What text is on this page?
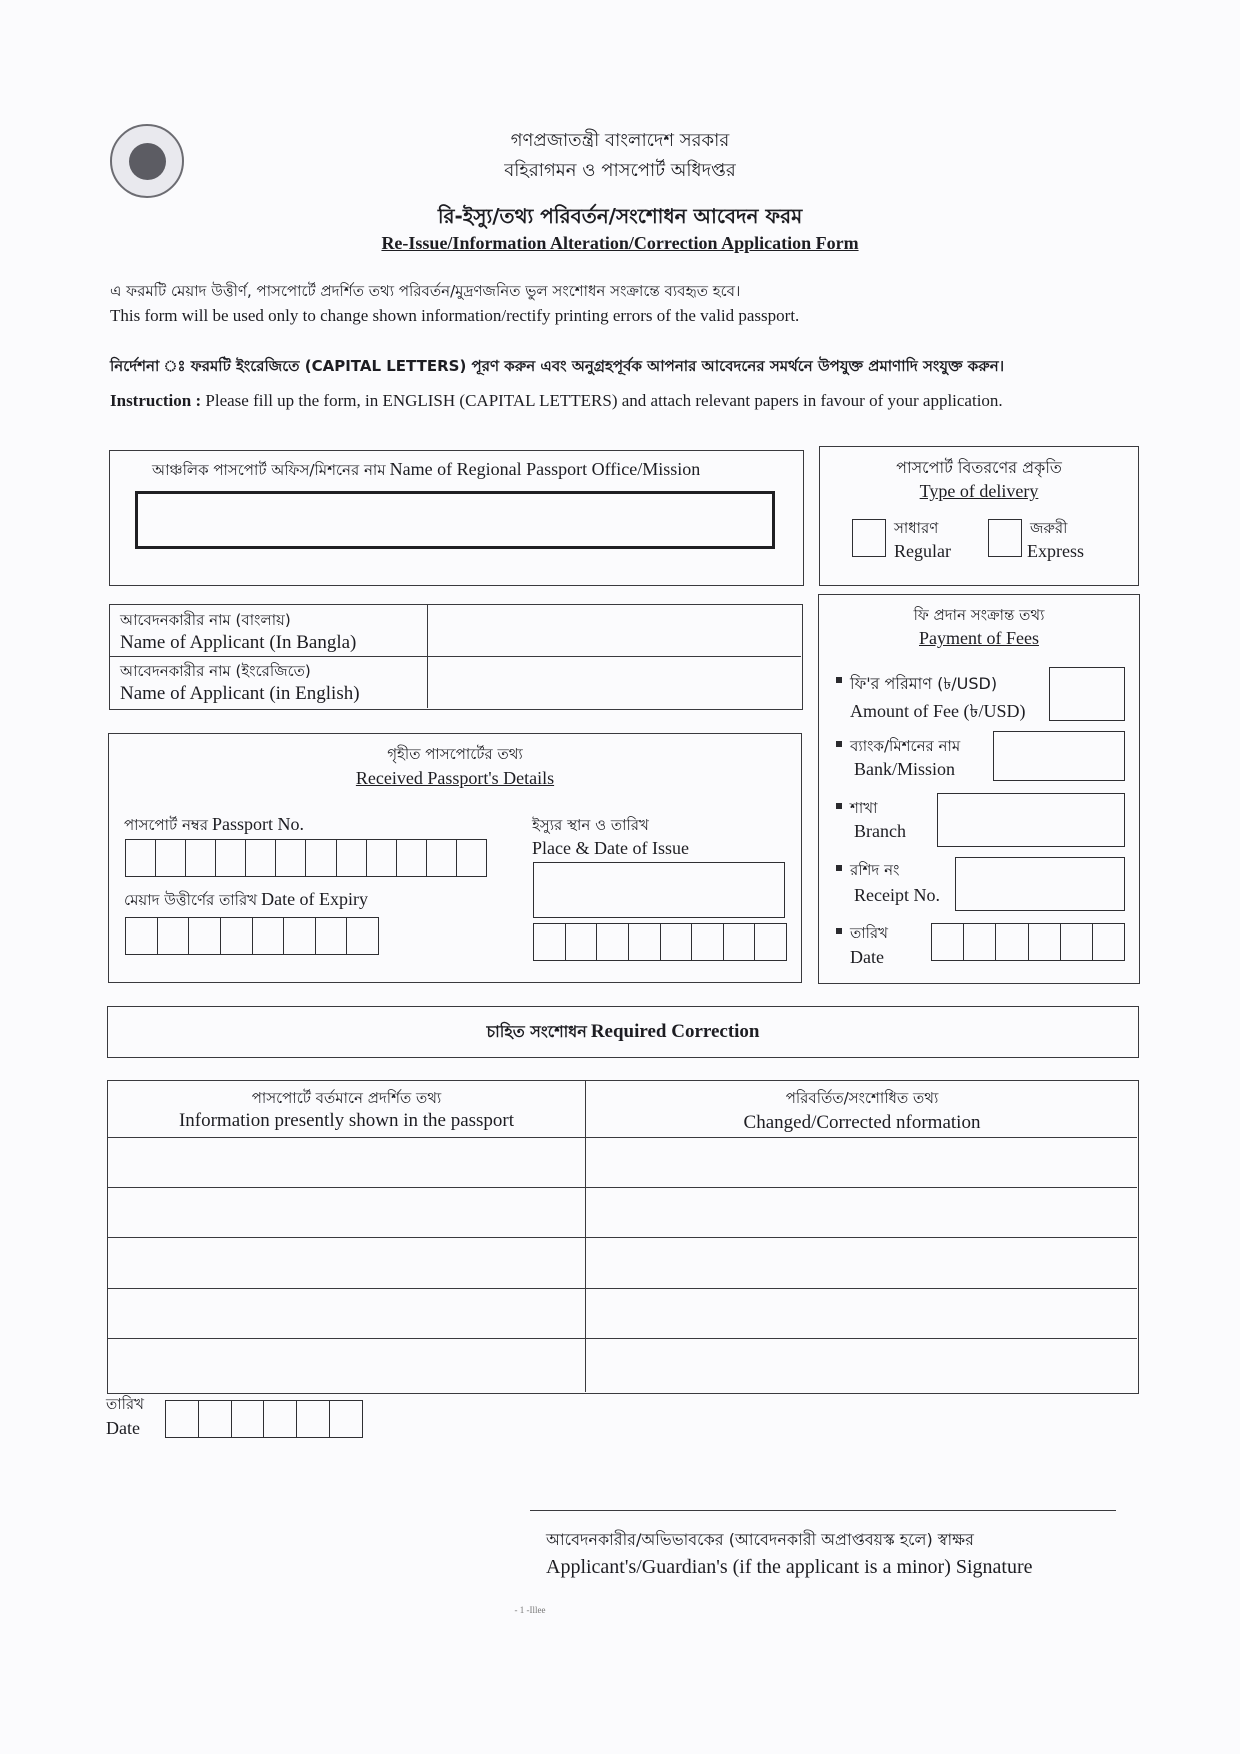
গণপ্রজাতন্ত্রী বাংলাদেশ সরকার
বহিরাগমন ও পাসপোর্ট অধিদপ্তর
রি-ইস্যু/তথ্য পরিবর্তন/সংশোধন আবেদন ফরম
Re-Issue/Information Alteration/Correction Application Form
এ ফরমটি মেয়াদ উত্তীর্ণ, পাসপোর্টে প্রদর্শিত তথ্য পরিবর্তন/মুদ্রণজনিত ভুল সংশোধন সংক্রান্তে ব্যবহৃত হবে।
This form will be used only to change shown information/rectify printing errors of the valid passport.
নির্দেশনা ঃ ফরমটি ইংরেজিতে (CAPITAL LETTERS) পূরণ করুন এবং অনুগ্রহপূর্বক আপনার আবেদনের সমর্থনে উপযুক্ত প্রমাণাদি সংযুক্ত করুন।
Instruction : Please fill up the form, in ENGLISH (CAPITAL LETTERS) and attach relevant papers in favour of your application.
আঞ্চলিক পাসপোর্ট অফিস/মিশনের নাম Name of Regional Passport Office/Mission	পাসপোর্ট বিতরণের প্রকৃতি
Type of delivery
সাধারণ
Regular
জরুরী
Express
আবেদনকারীর নাম (বাংলায়)
Name of Applicant (In Bangla)
আবেদনকারীর নাম (ইংরেজিতে)
Name of Applicant (in English)
গৃহীত পাসপোর্টের তথ্য
Received Passport's Details
পাসপোর্ট নম্বর Passport No.
মেয়াদ উত্তীর্ণের তারিখ Date of Expiry
ইস্যুর স্থান ও তারিখ
Place & Date of Issue
ফি প্রদান সংক্রান্ত তথ্য
Payment of Fees
ফি'র পরিমাণ (৳/USD)
Amount of Fee (৳/USD)
ব্যাংক/মিশনের নাম
Bank/Mission
শাখা
Branch
রশিদ নং
Receipt No.
তারিখ
Date
চাহিত সংশোধন Required Correction
পাসপোর্টে বর্তমানে প্রদর্শিত তথ্য
Information presently shown in the passport
পরিবর্তিত/সংশোধিত তথ্য
Changed/Corrected nformation
তারিখ
Date
আবেদনকারীর/অভিভাবকের (আবেদনকারী অপ্রাপ্তবয়স্ক হলে) স্বাক্ষর
Applicant's/Guardian's (if the applicant is a minor) Signature
- 1 -Illee
